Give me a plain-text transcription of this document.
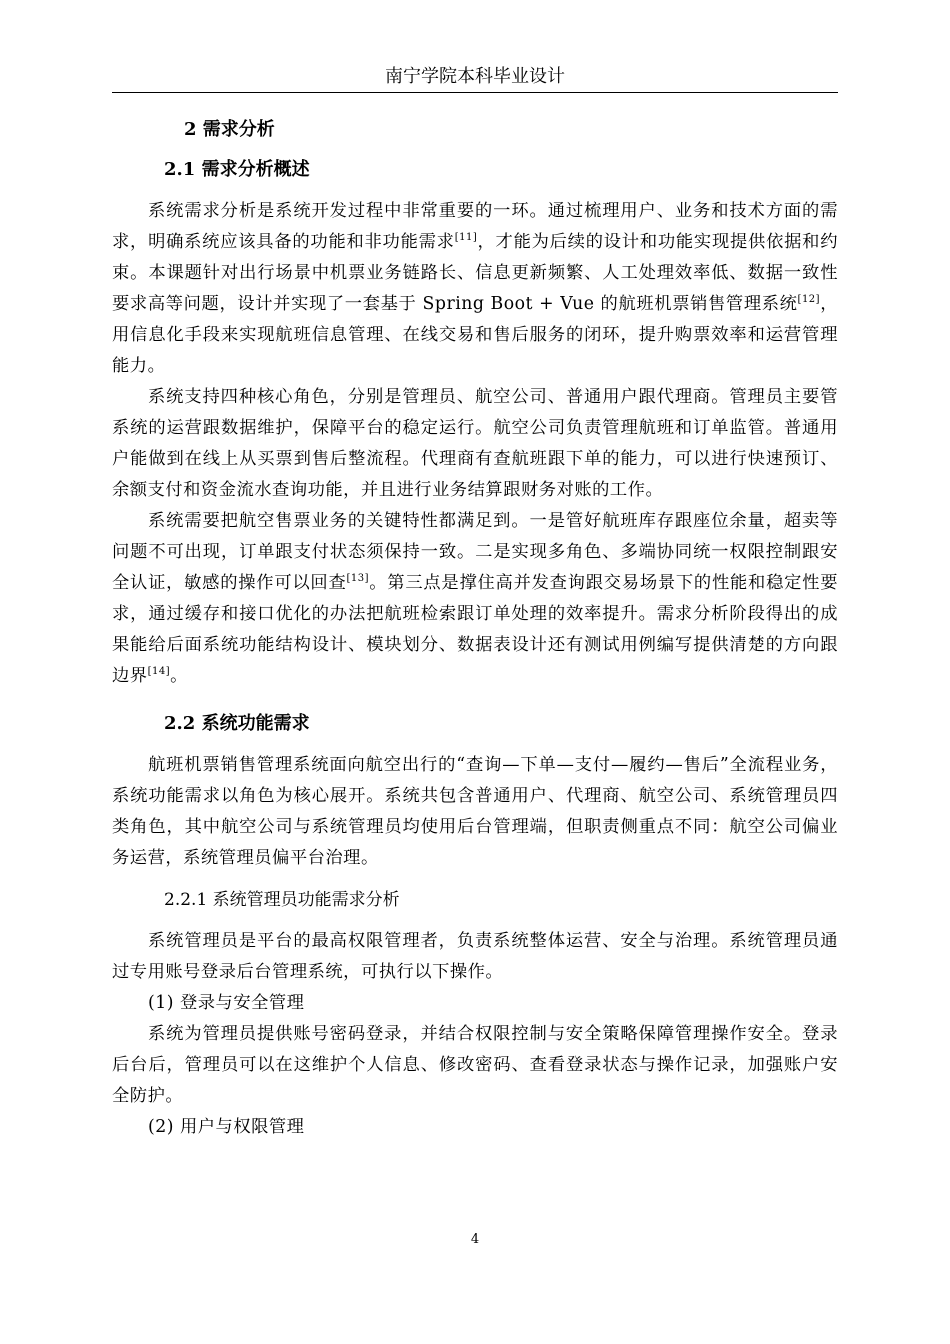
南宁学院本科毕业设计
2 需求分析
2.1 需求分析概述

系统需求分析是系统开发过程中非常重要的一环。通过梳理用户、业务和技术方面的需求，明确系统应该具备的功能和非功能需求[11]，才能为后续的设计和功能实现提供依据和约束。本课题针对出行场景中机票业务链路长、信息更新频繁、人工处理效率低、数据一致性要求高等问题，设计并实现了一套基于 Spring Boot + Vue 的航班机票销售管理系统[12]，用信息化手段来实现航班信息管理、在线交易和售后服务的闭环，提升购票效率和运营管理能力。

系统支持四种核心角色，分别是管理员、航空公司、普通用户跟代理商。管理员主要管系统的运营跟数据维护，保障平台的稳定运行。航空公司负责管理航班和订单监管。普通用户能做到在线上从买票到售后整流程。代理商有查航班跟下单的能力，可以进行快速预订、余额支付和资金流水查询功能，并且进行业务结算跟财务对账的工作。

系统需要把航空售票业务的关键特性都满足到。一是管好航班库存跟座位余量，超卖等问题不可出现，订单跟支付状态须保持一致。二是实现多角色、多端协同统一权限控制跟安全认证，敏感的操作可以回查[13]。第三点是撑住高并发查询跟交易场景下的性能和稳定性要求，通过缓存和接口优化的办法把航班检索跟订单处理的效率提升。需求分析阶段得出的成果能给后面系统功能结构设计、模块划分、数据表设计还有测试用例编写提供清楚的方向跟边界[14]。

2.2 系统功能需求

航班机票销售管理系统面向航空出行的“查询—下单—支付—履约—售后”全流程业务，系统功能需求以角色为核心展开。系统共包含普通用户、代理商、航空公司、系统管理员四类角色，其中航空公司与系统管理员均使用后台管理端，但职责侧重点不同：航空公司偏业务运营，系统管理员偏平台治理。

2.2.1 系统管理员功能需求分析

系统管理员是平台的最高权限管理者，负责系统整体运营、安全与治理。系统管理员通过专用账号登录后台管理系统，可执行以下操作。

(1) 登录与安全管理

系统为管理员提供账号密码登录，并结合权限控制与安全策略保障管理操作安全。登录后台后，管理员可以在这维护个人信息、修改密码、查看登录状态与操作记录，加强账户安全防护。

(2) 用户与权限管理

4
